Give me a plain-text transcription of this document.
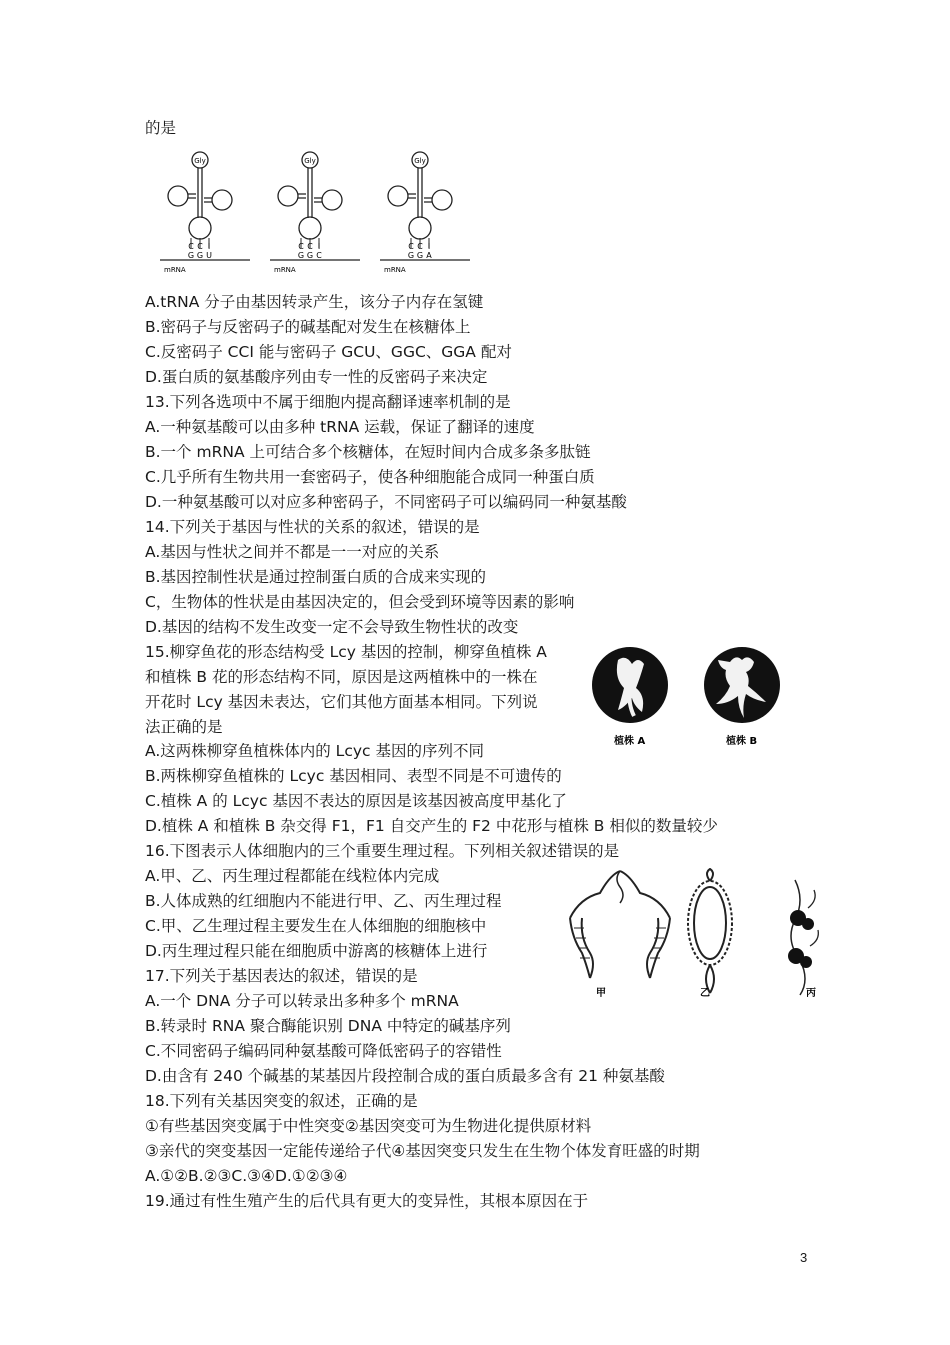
的是
A.tRNA 分子由基因转录产生，该分子内存在氢键
B.密码子与反密码子的碱基配对发生在核糖体上
C.反密码子 CCI 能与密码子 GCU、GGC、GGA 配对
D.蛋白质的氨基酸序列由专一性的反密码子来决定
13.下列各选项中不属于细胞内提高翻译速率机制的是
A.一种氨基酸可以由多种 tRNA 运载，保证了翻译的速度
B.一个 mRNA 上可结合多个核糖体，在短时间内合成多条多肽链
C.几乎所有生物共用一套密码子，使各种细胞能合成同一种蛋白质
D.一种氨基酸可以对应多种密码子，不同密码子可以编码同一种氨基酸
14.下列关于基因与性状的关系的叙述，错误的是
A.基因与性状之间并不都是一一对应的关系
B.基因控制性状是通过控制蛋白质的合成来实现的
C，生物体的性状是由基因决定的，但会受到环境等因素的影响
D.基因的结构不发生改变一定不会导致生物性状的改变
15.柳穿鱼花的形态结构受 Lcy 基因的控制，柳穿鱼植株 A
和植株 B 花的形态结构不同，原因是这两植株中的一株在
开花时 Lcy 基因未表达，它们其他方面基本相同。下列说
法正确的是
A.这两株柳穿鱼植株体内的 Lcyc 基因的序列不同
B.两株柳穿鱼植株的 Lcyc 基因相同、表型不同是不可遗传的
C.植株 A 的 Lcyc 基因不表达的原因是该基因被高度甲基化了
D.植株 A 和植株 B 杂交得 F1，F1 自交产生的 F2 中花形与植株 B 相似的数量较少
16.下图表示人体细胞内的三个重要生理过程。下列相关叙述错误的是
A.甲、乙、丙生理过程都能在线粒体内完成
B.人体成熟的红细胞内不能进行甲、乙、丙生理过程
C.甲、乙生理过程主要发生在人体细胞的细胞核中
D.丙生理过程只能在细胞质中游离的核糖体上进行
17.下列关于基因表达的叙述，错误的是
A.一个 DNA 分子可以转录出多种多个 mRNA
B.转录时 RNA 聚合酶能识别 DNA 中特定的碱基序列
C.不同密码子编码同种氨基酸可降低密码子的容错性
D.由含有 240 个碱基的某基因片段控制合成的蛋白质最多含有 21 种氨基酸
18.下列有关基因突变的叙述，正确的是
①有些基因突变属于中性突变②基因突变可为生物进化提供原材料
③亲代的突变基因一定能传递给子代④基因突变只发生在生物个体发育旺盛的时期
A.①②B.②③C.③④D.①②③④
19.通过有性生殖产生的后代具有更大的变异性，其根本原因在于
Gly
C C I
G G U
mRNA
Gly
C C I
G G C
mRNA
Gly
C C I
G G A
mRNA
植株 A	植株 B
甲	乙	丙
3
